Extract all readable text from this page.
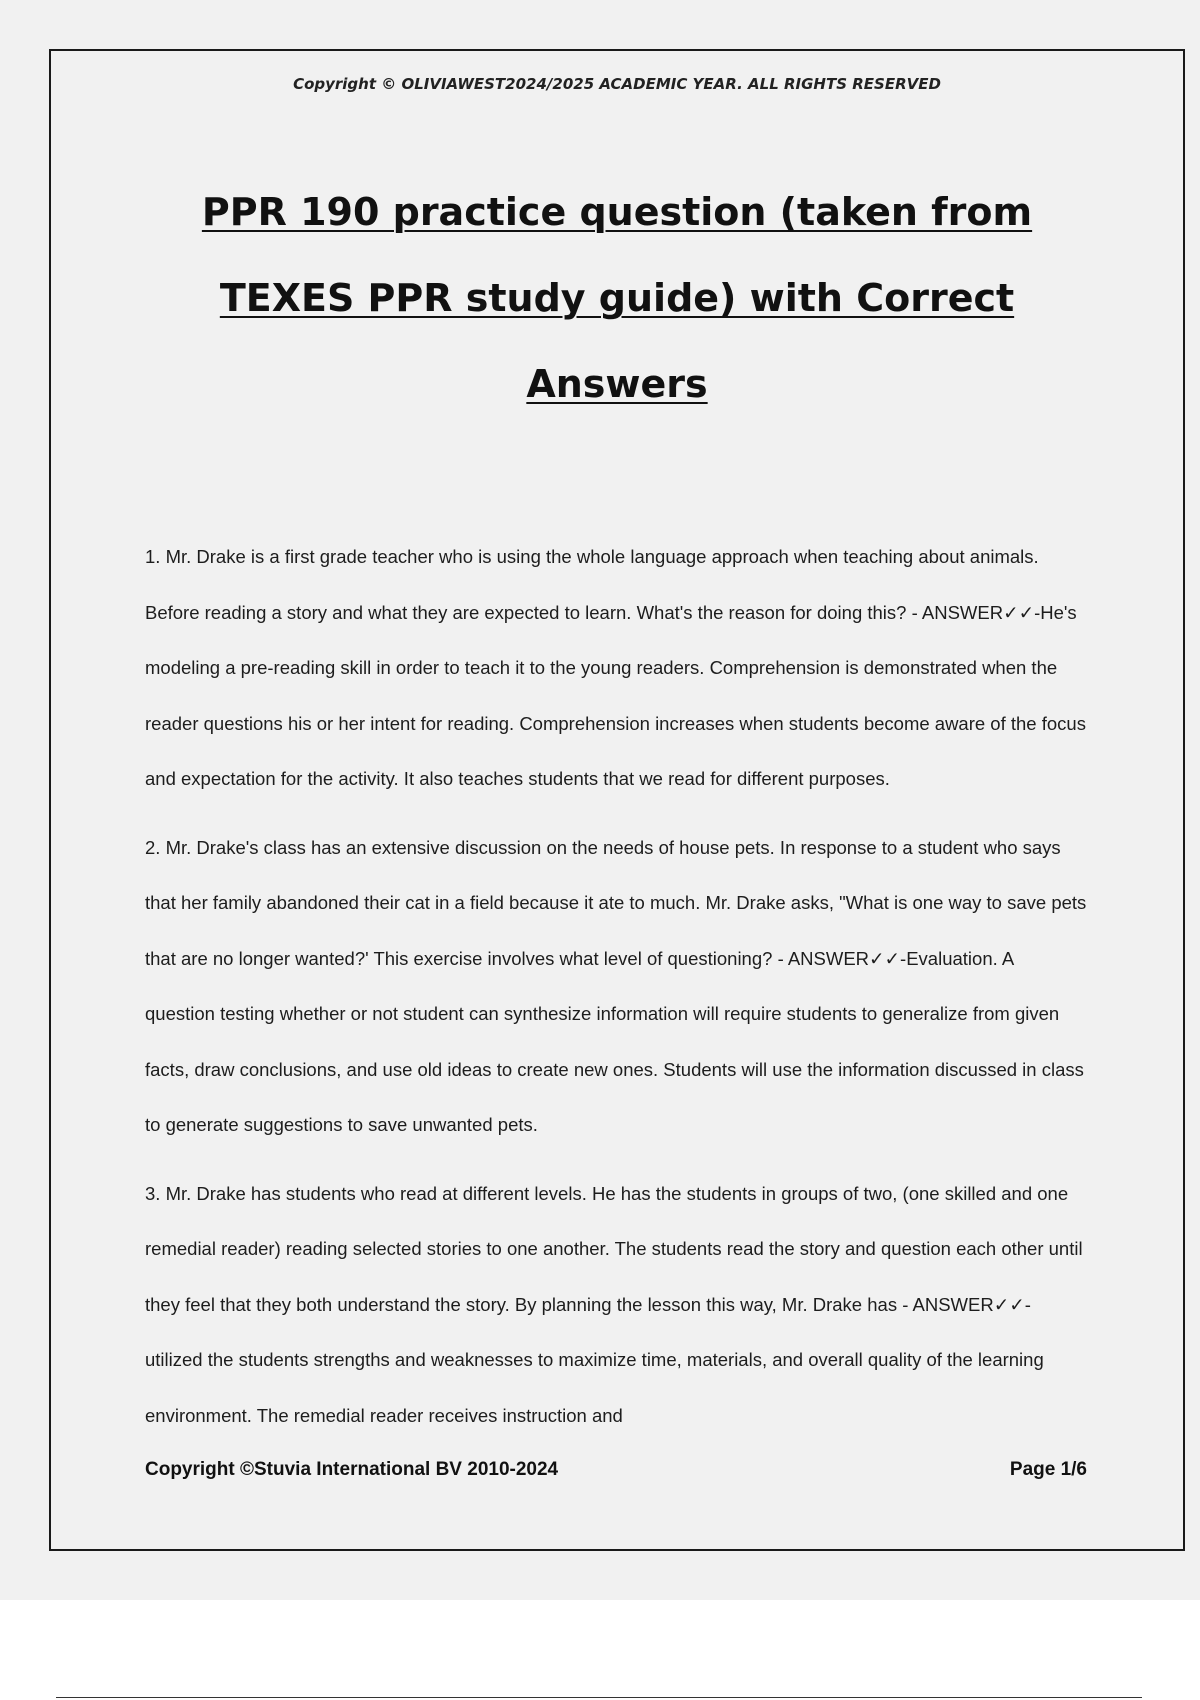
Copyright © OLIVIAWEST2024/2025 ACADEMIC YEAR. ALL RIGHTS RESERVED
PPR 190 practice question (taken from TEXES PPR study guide) with Correct Answers

1. Mr. Drake is a first grade teacher who is using the whole language approach when teaching about animals. Before reading a story and what they are expected to learn. What's the reason for doing this? - ANSWER✓✓-He's modeling a pre-reading skill in order to teach it to the young readers. Comprehension is demonstrated when the reader questions his or her intent for reading. Comprehension increases when students become aware of the focus and expectation for the activity. It also teaches students that we read for different purposes.

2. Mr. Drake's class has an extensive discussion on the needs of house pets. In response to a student who says that her family abandoned their cat in a field because it ate to much. Mr. Drake asks, "What is one way to save pets that are no longer wanted?' This exercise involves what level of questioning? - ANSWER✓✓-Evaluation. A question testing whether or not student can synthesize information will require students to generalize from given facts, draw conclusions, and use old ideas to create new ones. Students will use the information discussed in class to generate suggestions to save unwanted pets.

3. Mr. Drake has students who read at different levels. He has the students in groups of two, (one skilled and one remedial reader) reading selected stories to one another. The students read the story and question each other until they feel that they both understand the story. By planning the lesson this way, Mr. Drake has - ANSWER✓✓-utilized the students strengths and weaknesses to maximize time, materials, and overall quality of the learning environment. The remedial reader receives instruction and

Copyright ©Stuvia International BV 2010-2024	Page 1/6
